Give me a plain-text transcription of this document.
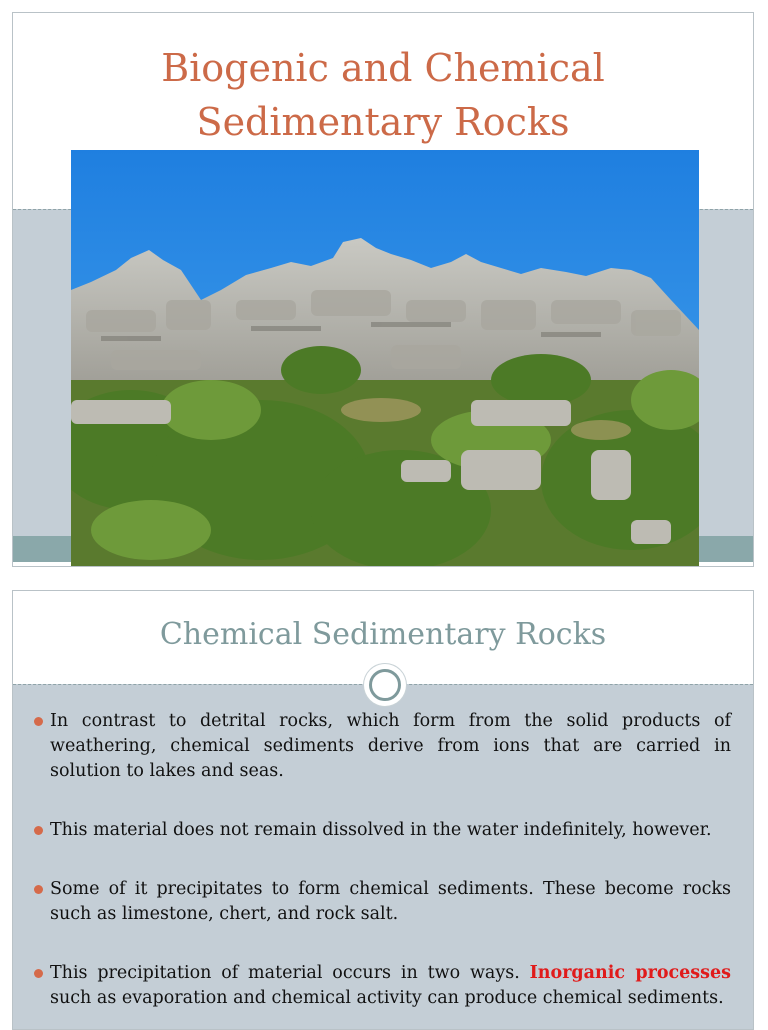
Biogenic and Chemical
Sedimentary Rocks
Chemical Sedimentary Rocks
In contrast to detrital rocks, which form from the solid products of weathering, chemical sediments derive from ions that are carried in solution to lakes and seas.
This material does not remain dissolved in the water indefinitely, however.
Some of it precipitates to form chemical sediments. These become rocks such as limestone, chert, and rock salt.
This precipitation of material occurs in two ways. Inorganic processes such as evaporation and chemical activity can produce chemical sediments.
